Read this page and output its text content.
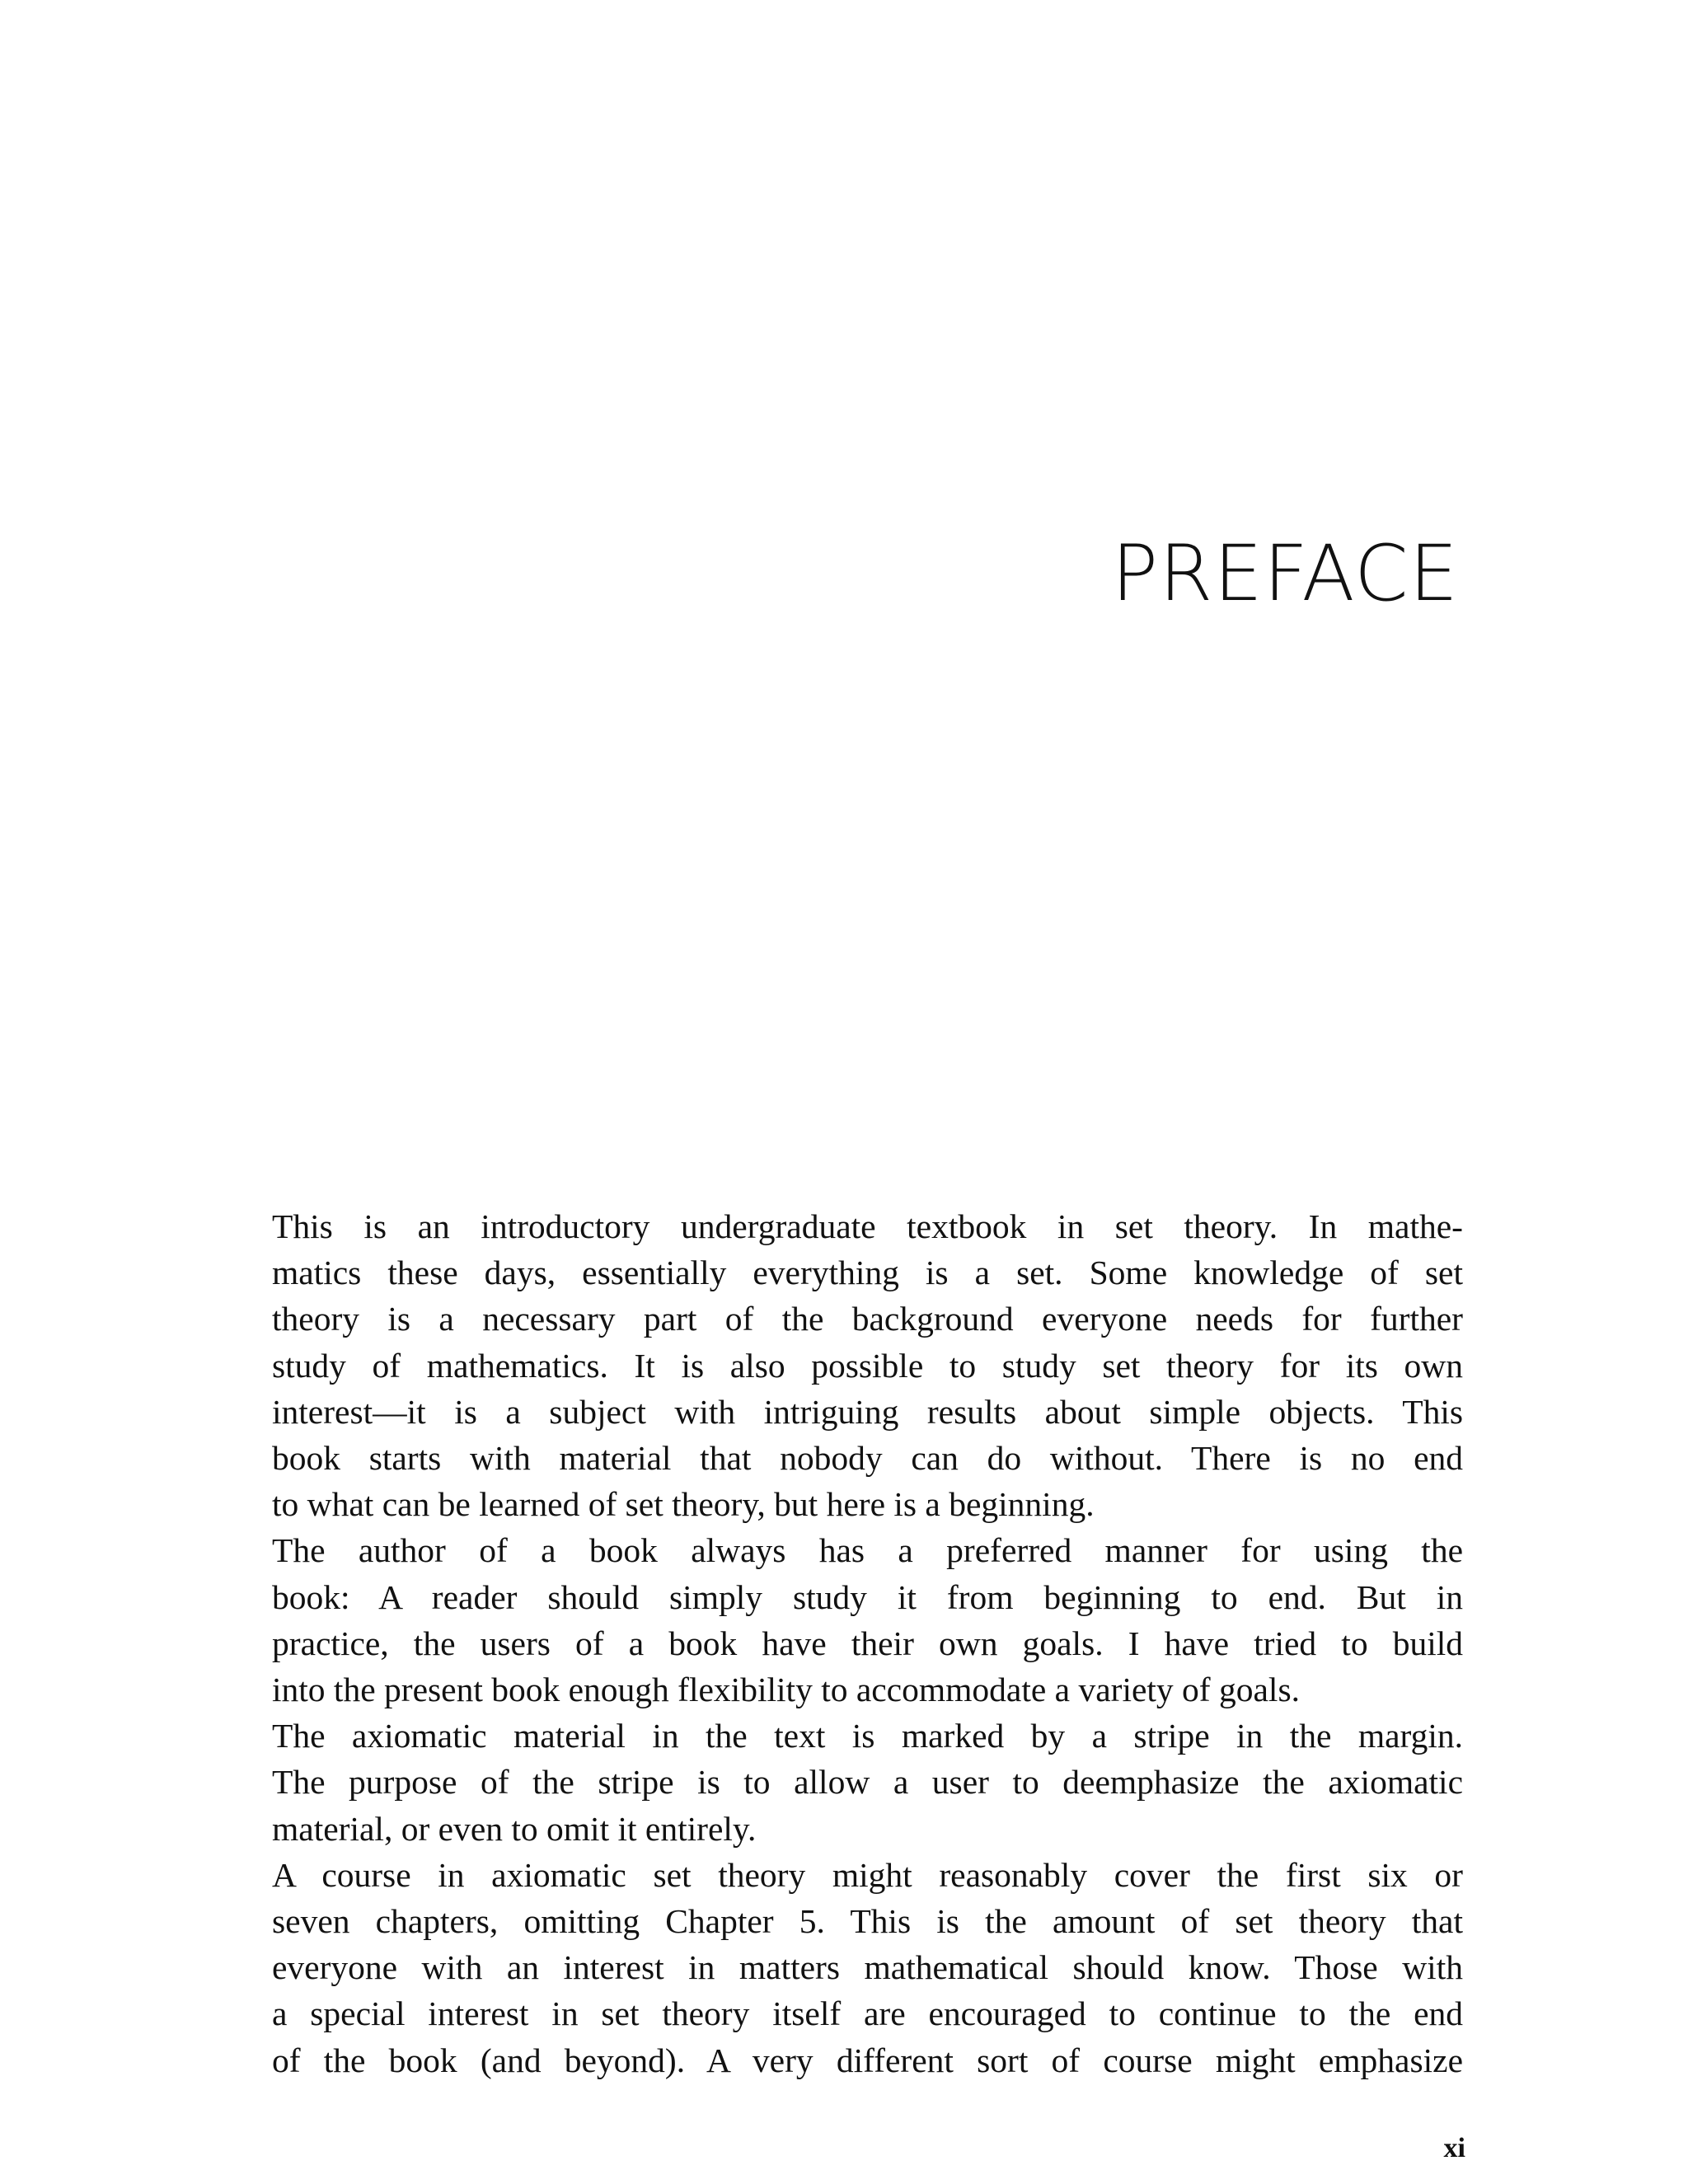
PREFACE

This is an introductory undergraduate textbook in set theory. In mathe-
matics these days, essentially everything is a set. Some knowledge of set
theory is a necessary part of the background everyone needs for further
study of mathematics. It is also possible to study set theory for its own
interest—it is a subject with intriguing results about simple objects. This
book starts with material that nobody can do without. There is no end
to what can be learned of set theory, but here is a beginning.

The author of a book always has a preferred manner for using the
book: A reader should simply study it from beginning to end. But in
practice, the users of a book have their own goals. I have tried to build
into the present book enough flexibility to accommodate a variety of goals.

The axiomatic material in the text is marked by a stripe in the margin.
The purpose of the stripe is to allow a user to deemphasize the axiomatic
material, or even to omit it entirely.

A course in axiomatic set theory might reasonably cover the first six or
seven chapters, omitting Chapter 5. This is the amount of set theory that
everyone with an interest in matters mathematical should know. Those with
a special interest in set theory itself are encouraged to continue to the end
of the book (and beyond). A very different sort of course might emphasize

xi
